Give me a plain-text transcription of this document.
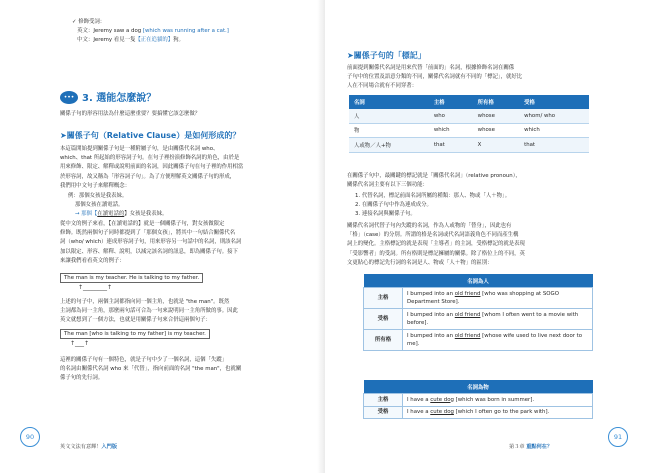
✓ 修飾受詞：
英文：Jeremy saw a dog [which was running after a cat.]
中文：Jeremy 看見一隻【正在追貓的】狗。
••• 3. 選能怎麼說？
關係子句的形容用法為什麼這麼重要？要搞懂它該怎麼做？
➤關係子句（Relative Clause）是如何形成的？
本這篇開始提到關係子句是一種附屬子句，是由關係代名詞 who、
which、that 所起始的形容詞子句。在句子裡扮演修飾名詞的角色，由於是
用來修飾、限定、解釋或說明前面的名詞，因此關係子句在句子裡的作用相當
於形容詞，故又稱為「形容詞子句」。為了方便理解英文關係子句的形成，
我們用中文句子來解釋概念：
例：那個女孩是我表妹。
那個女孩在讀電話。
→ 那個【在讀電話的】女孩是我表妹。
從中文的例子來看，【在讀電話的】就是一個關係子句，對女孩做限定
修飾。既然兩個句子同時都提到了「那個女孩」，將其中一句結合關係代名
詞（who/ which）連成形容詞子句，用來形容另一句話中的名詞，則該名詞
加以限定、形容、解釋、說明，以減完該名詞的訊息，即為關係子句。接下
來讓我們看看英文的例子：
The man is my teacher. He is talking to my father.
↑________↑
上述的句子中，兩個主詞都指向同一個主角，也就是 "the man"。既然
主詞都為同一主角，那麼兩句話可合為一句來說明同一主角所做的事。因此
英文就想到了一個方法，也就是用關係子句來合併這兩個句子：
The man [who is talking to my father] is my teacher.
↑___↑
這裡的關係子句有一個特色，就是子句中少了一個名詞，這個「失蹤」
的名詞由關係代名詞 who 來「代替」，指向前面的名詞 "the man"，也就關
係子句的先行詞。
90
英文文法有意輝！入門版
➤關係子句的「標記」
前面提到關係代名詞是用來代替「前面的」名詞，根據修飾名詞在關係
子句中的位置及語意分類的不同，關係代名詞就有不同的「標記」，就好比
人在不同場合就有不同穿著：
名詞	主格	所有格	受格
人	who	whose	whom/ who
物	which	whose	which
人或物／人+物	that	X	that
在關係子句中，最關鍵的標記就是「關係代名詞」（relative pronoun），
關係代名詞主要有以下三個功能：
1. 代替名詞，標記前面名詞所屬的種類：那人、物或「人＋物」。
2. 在關係子句中作為連成成分。
3. 連接名詞與關係子句。
關係代名詞代替子句內失蹤的名詞，作為人或物的「替身」，因此也有
「格」（case）的分別。所謂的格是名詞或代名詞語義角色不同而產生構
詞上的變化。主格標記的就是表現「主導者」的主詞，受格標記的就是表現
「受影響者」的受詞。所有格則是標記擁屬的關係。除了格位上的不同，英
文更貼心的標記先行詞的名詞是人、物或「人＋物」的區別：
名詞為人	
主格	I bumped into an old friend [who was shopping at SOGO Department Store].
受格	I bumped into an old friend [whom I often went to a movie with before].
所有格	I bumped into an old friend [whose wife used to live next door to me].
名詞為物	
主格	I have a cute dog [which was born in summer].
受格	I have a cute dog [which I often go to the park with].
第３章 重點何在？
91
